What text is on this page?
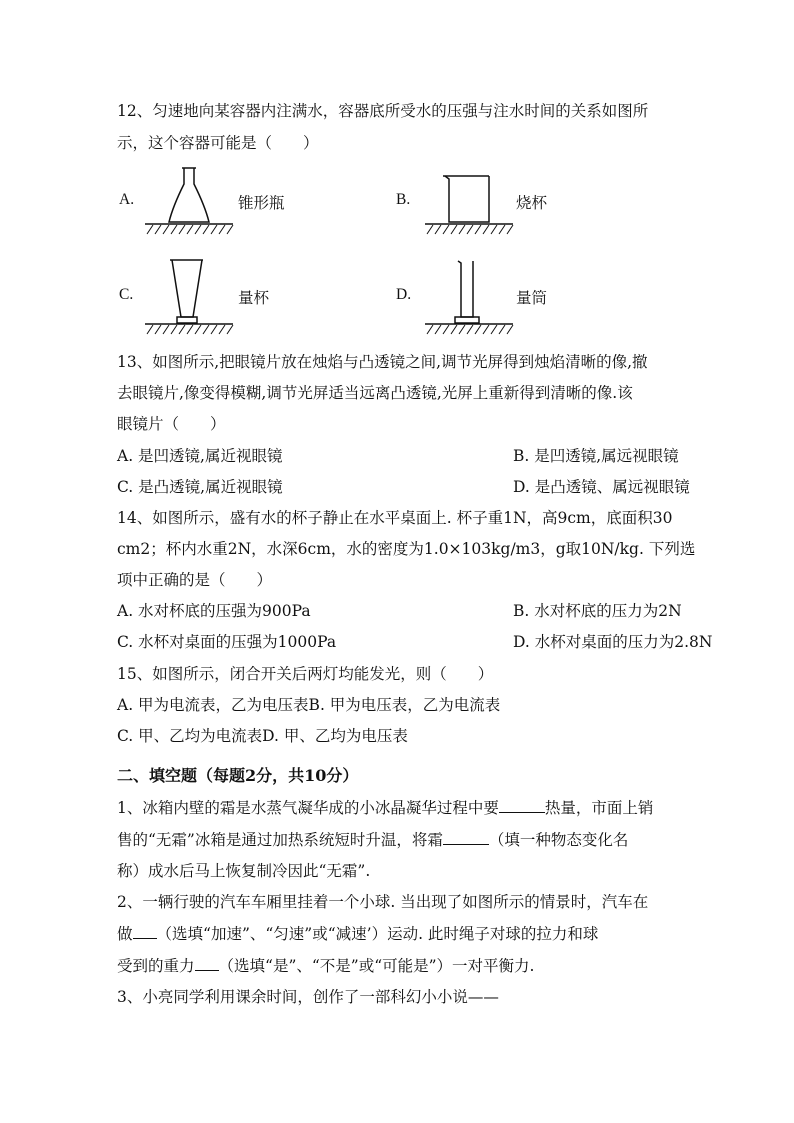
12、匀速地向某容器内注满水，容器底所受水的压强与注水时间的关系如图所
示，这个容器可能是（　　）
A.	锥形瓶	B.	烧杯
C.	量杯	D.	量筒
13、如图所示,把眼镜片放在烛焰与凸透镜之间,调节光屏得到烛焰清晰的像,撤
去眼镜片,像变得模糊,调节光屏适当远离凸透镜,光屏上重新得到清晰的像.该
眼镜片（　　）
A. 是凹透镜,属近视眼镜	B. 是凹透镜,属远视眼镜
C. 是凸透镜,属近视眼镜	D. 是凸透镜、属远视眼镜
14、如图所示，盛有水的杯子静止在水平桌面上. 杯子重1N，高9cm，底面积30
cm2；杯内水重2N，水深6cm，水的密度为1.0×103kg/m3，g取10N/kg. 下列选
项中正确的是（　　）
A. 水对杯底的压强为900Pa	B. 水对杯底的压力为2N
C. 水杯对桌面的压强为1000Pa	D. 水杯对桌面的压力为2.8N
15、如图所示，闭合开关后两灯均能发光，则（　　）
A. 甲为电流表，乙为电压表B. 甲为电压表，乙为电流表
C. 甲、乙均为电流表D. 甲、乙均为电压表
二、填空题（每题2分，共10分）
1、冰箱内壁的霜是水蒸气凝华成的小冰晶凝华过程中要	热量，市面上销
售的“无霜”冰箱是通过加热系统短时升温，将霜	（填一种物态变化名
称）成水后马上恢复制冷因此“无霜”.
2、一辆行驶的汽车车厢里挂着一个小球. 当出现了如图所示的情景时，汽车在
做 （选填“加速”、“匀速”或“减速’）运动. 此时绳子对球的拉力和球
受到的重力 （选填“是”、“不是”或“可能是”）一对平衡力.
3、小亮同学利用课余时间，创作了一部科幻小小说——
